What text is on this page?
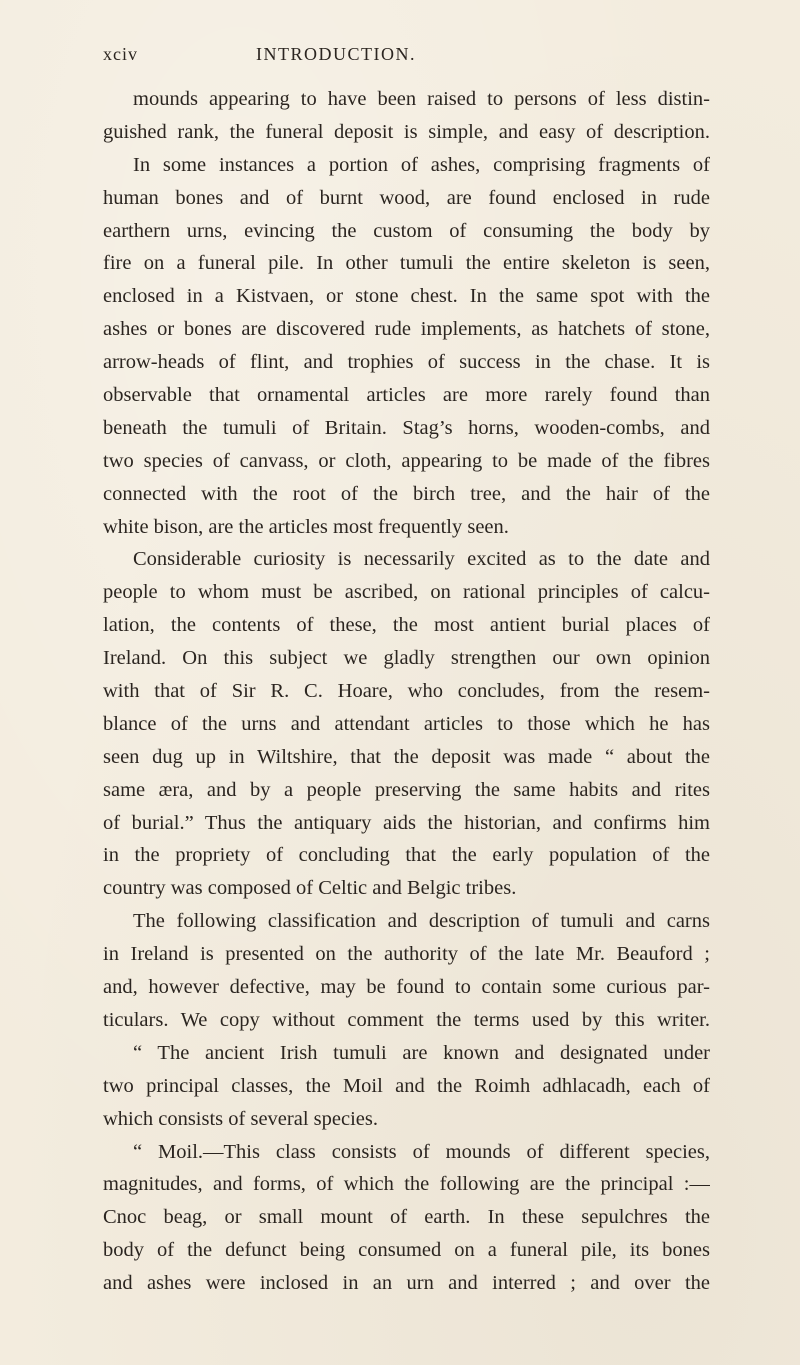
xciv	INTRODUCTION.
mounds appearing to have been raised to persons of less distin-
guished rank, the funeral deposit is simple, and easy of description.
In some instances a portion of ashes, comprising fragments of
human bones and of burnt wood, are found enclosed in rude
earthern urns, evincing the custom of consuming the body by
fire on a funeral pile. In other tumuli the entire skeleton is seen,
enclosed in a Kistvaen, or stone chest. In the same spot with the
ashes or bones are discovered rude implements, as hatchets of stone,
arrow-heads of flint, and trophies of success in the chase. It is
observable that ornamental articles are more rarely found than
beneath the tumuli of Britain. Stag’s horns, wooden-combs, and
two species of canvass, or cloth, appearing to be made of the fibres
connected with the root of the birch tree, and the hair of the
white bison, are the articles most frequently seen.
Considerable curiosity is necessarily excited as to the date and
people to whom must be ascribed, on rational principles of calcu-
lation, the contents of these, the most antient burial places of
Ireland. On this subject we gladly strengthen our own opinion
with that of Sir R. C. Hoare, who concludes, from the resem-
blance of the urns and attendant articles to those which he has
seen dug up in Wiltshire, that the deposit was made “ about the
same æra, and by a people preserving the same habits and rites
of burial.” Thus the antiquary aids the historian, and confirms him
in the propriety of concluding that the early population of the
country was composed of Celtic and Belgic tribes.
The following classification and description of tumuli and carns
in Ireland is presented on the authority of the late Mr. Beauford ;
and, however defective, may be found to contain some curious par-
ticulars. We copy without comment the terms used by this writer.
“ The ancient Irish tumuli are known and designated under
two principal classes, the Moil and the Roimh adhlacadh, each of
which consists of several species.
“ Moil.—This class consists of mounds of different species,
magnitudes, and forms, of which the following are the principal :—
Cnoc beag, or small mount of earth. In these sepulchres the
body of the defunct being consumed on a funeral pile, its bones
and ashes were inclosed in an urn and interred ; and over the
